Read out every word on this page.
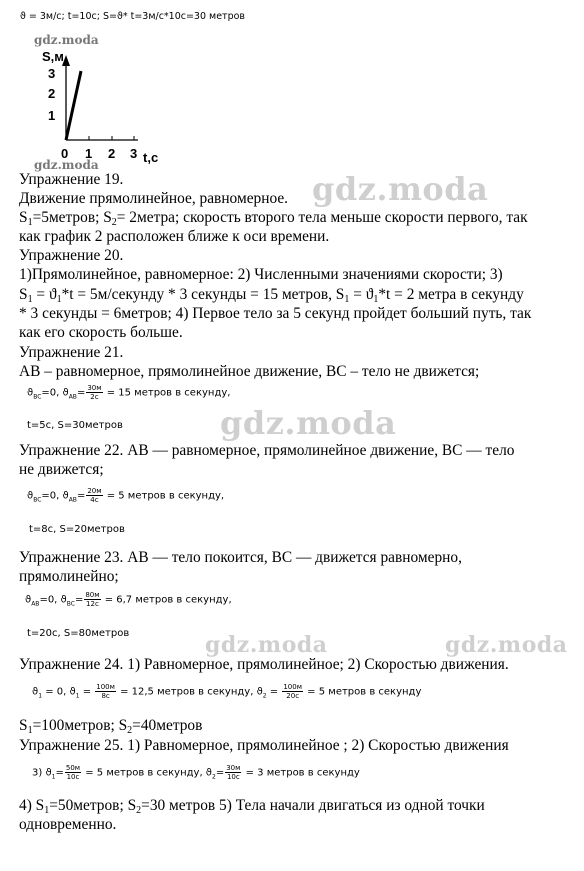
ϑ = 3м/с; t=10с; S=ϑ* t=3м/с*10с=30 метров
gdz.moda
S,м
3
2
1
0 1 2 3 t,c
gdz.moda
gdz.moda
gdz.moda
gdz.moda	gdz.moda
Упражнение 19.
Движение прямолинейное, равномерное.
$S_1=5метров$; $S_2=$ 2метра; скорость второго тела меньше скорости первого, так
как график 2 расположен ближе к оси времени.
Упражнение 20.
1)Прямолинейное, равномерное: 2) Численными значениями скорости; 3)
$S_1 = ϑ_1*t$ = 5м/секунду * 3 секунды = 15 метров, $S_1 = ϑ_1*t = 2$ метра в секунду
* 3 секунды = 6метров; 4) Первое тело за 5 секунд пройдет больший путь, так
как его скорость больше.
Упражнение 21.
АВ – равномерное, прямолинейное движение, ВС – тело не движется;
$ϑ_{BC}=0$, $ϑ_{AB}= \frac{30м}{2с} = 15$ метров в секунду,
t=5с, S=30метров
Упражнение 22. АВ — равномерное, прямолинейное движение, ВС — тело
не движется;
$ϑ_{BC}=0$, $ϑ_{AB}= \frac{20м}{4с} = 5$ метров в секунду,
t=8с, S=20метров
Упражнение 23. АВ — тело покоится, ВС — движется равномерно,
прямолинейно;
$ϑ_{AB}=0$, $ϑ_{BC}= \frac{80м}{12с} = 6,7$ метров в секунду,
t=20с, S=80метров
Упражнение 24. 1) Равномерное, прямолинейное; 2) Скоростью движения.
$ϑ_1 = 0$, $ϑ_1 = \frac{100м}{8с} = 12,5$ метров в секунду, $ϑ_2 = \frac{100м}{20с} = 5$ метров в секунду
$S_1=100метров$; $S_2=40метров$
Упражнение 25. 1) Равномерное, прямолинейное ; 2) Скоростью движения
3) $ϑ_1= \frac{50м}{10с} = 5$ метров в секунду, $ϑ_2= \frac{30м}{10с} = 3$ метров в секунду
4) $S_1=50метров$; $S_2=30$ метров 5) Тела начали двигаться из одной точки
одновременно.
